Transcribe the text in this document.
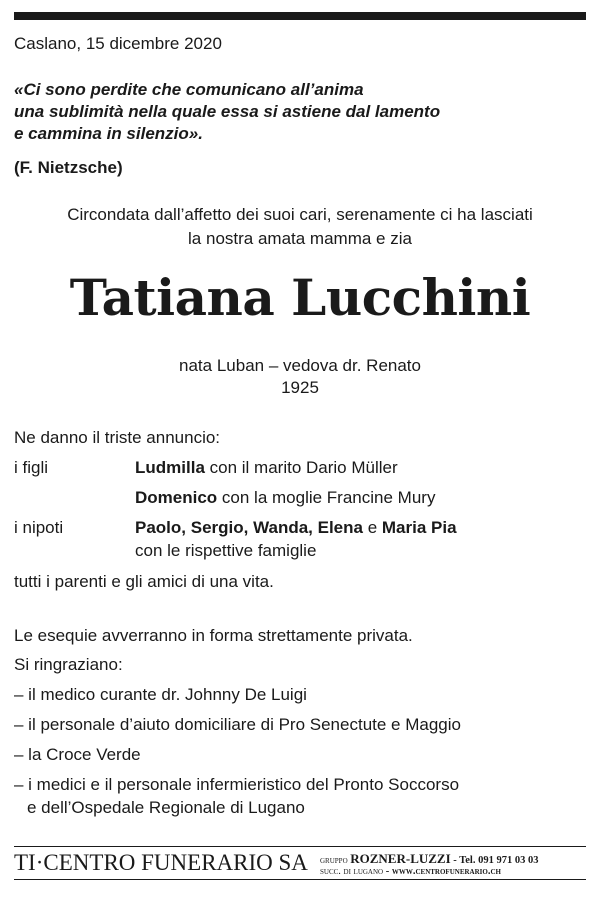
Caslano, 15 dicembre 2020
«Ci sono perdite che comunicano all’anima
una sublimità nella quale essa si astiene dal lamento
e cammina in silenzio».
(F. Nietzsche)
Circondata dall’affetto dei suoi cari, serenamente ci ha lasciati
la nostra amata mamma e zia
Tatiana Lucchini
nata Luban – vedova dr. Renato
1925
Ne danno il triste annuncio:
i figli	Ludmilla con il marito Dario Müller
Domenico con la moglie Francine Mury
i nipoti	Paolo, Sergio, Wanda, Elena e Maria Pia
con le rispettive famiglie
tutti i parenti e gli amici di una vita.
Le esequie avverranno in forma strettamente privata.
Si ringraziano:
– il medico curante dr. Johnny De Luigi
– il personale d’aiuto domiciliare di Pro Senectute e Maggio
– la Croce Verde
– i medici e il personale infermieristico del Pronto Soccorso
e dell’Ospedale Regionale di Lugano
TI·CENTRO FUNERARIO SA gruppo ROZNER-LUZZI - Tel. 091 971 03 03
succ. di lugano - www.centrofunerario.ch
